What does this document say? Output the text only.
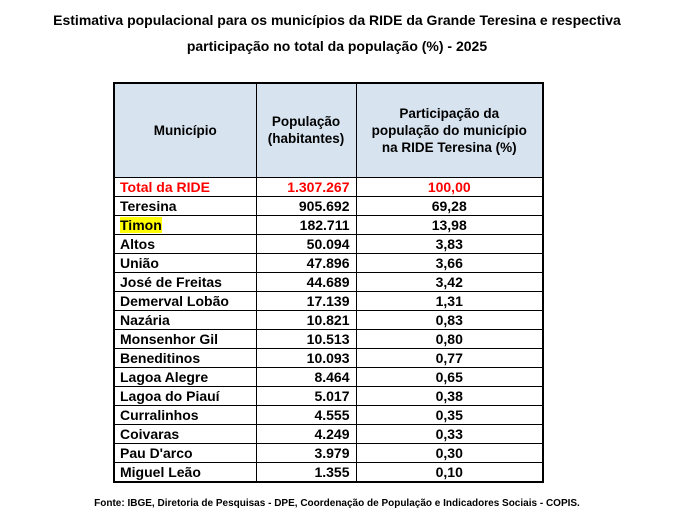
Estimativa populacional para os municípios da RIDE da Grande Teresina e respectiva
participação no total da população (%) - 2025
Município	População (habitantes)	Participação da população do município na RIDE Teresina (%)
Total da RIDE	1.307.267	100,00
Teresina	905.692	69,28
Timon	182.711	13,98
Altos	50.094	3,83
União	47.896	3,66
José de Freitas	44.689	3,42
Demerval Lobão	17.139	1,31
Nazária	10.821	0,83
Monsenhor Gil	10.513	0,80
Beneditinos	10.093	0,77
Lagoa Alegre	8.464	0,65
Lagoa do Piauí	5.017	0,38
Curralinhos	4.555	0,35
Coivaras	4.249	0,33
Pau D'arco	3.979	0,30
Miguel Leão	1.355	0,10
Fonte: IBGE, Diretoria de Pesquisas - DPE, Coordenação de População e Indicadores Sociais - COPIS.
